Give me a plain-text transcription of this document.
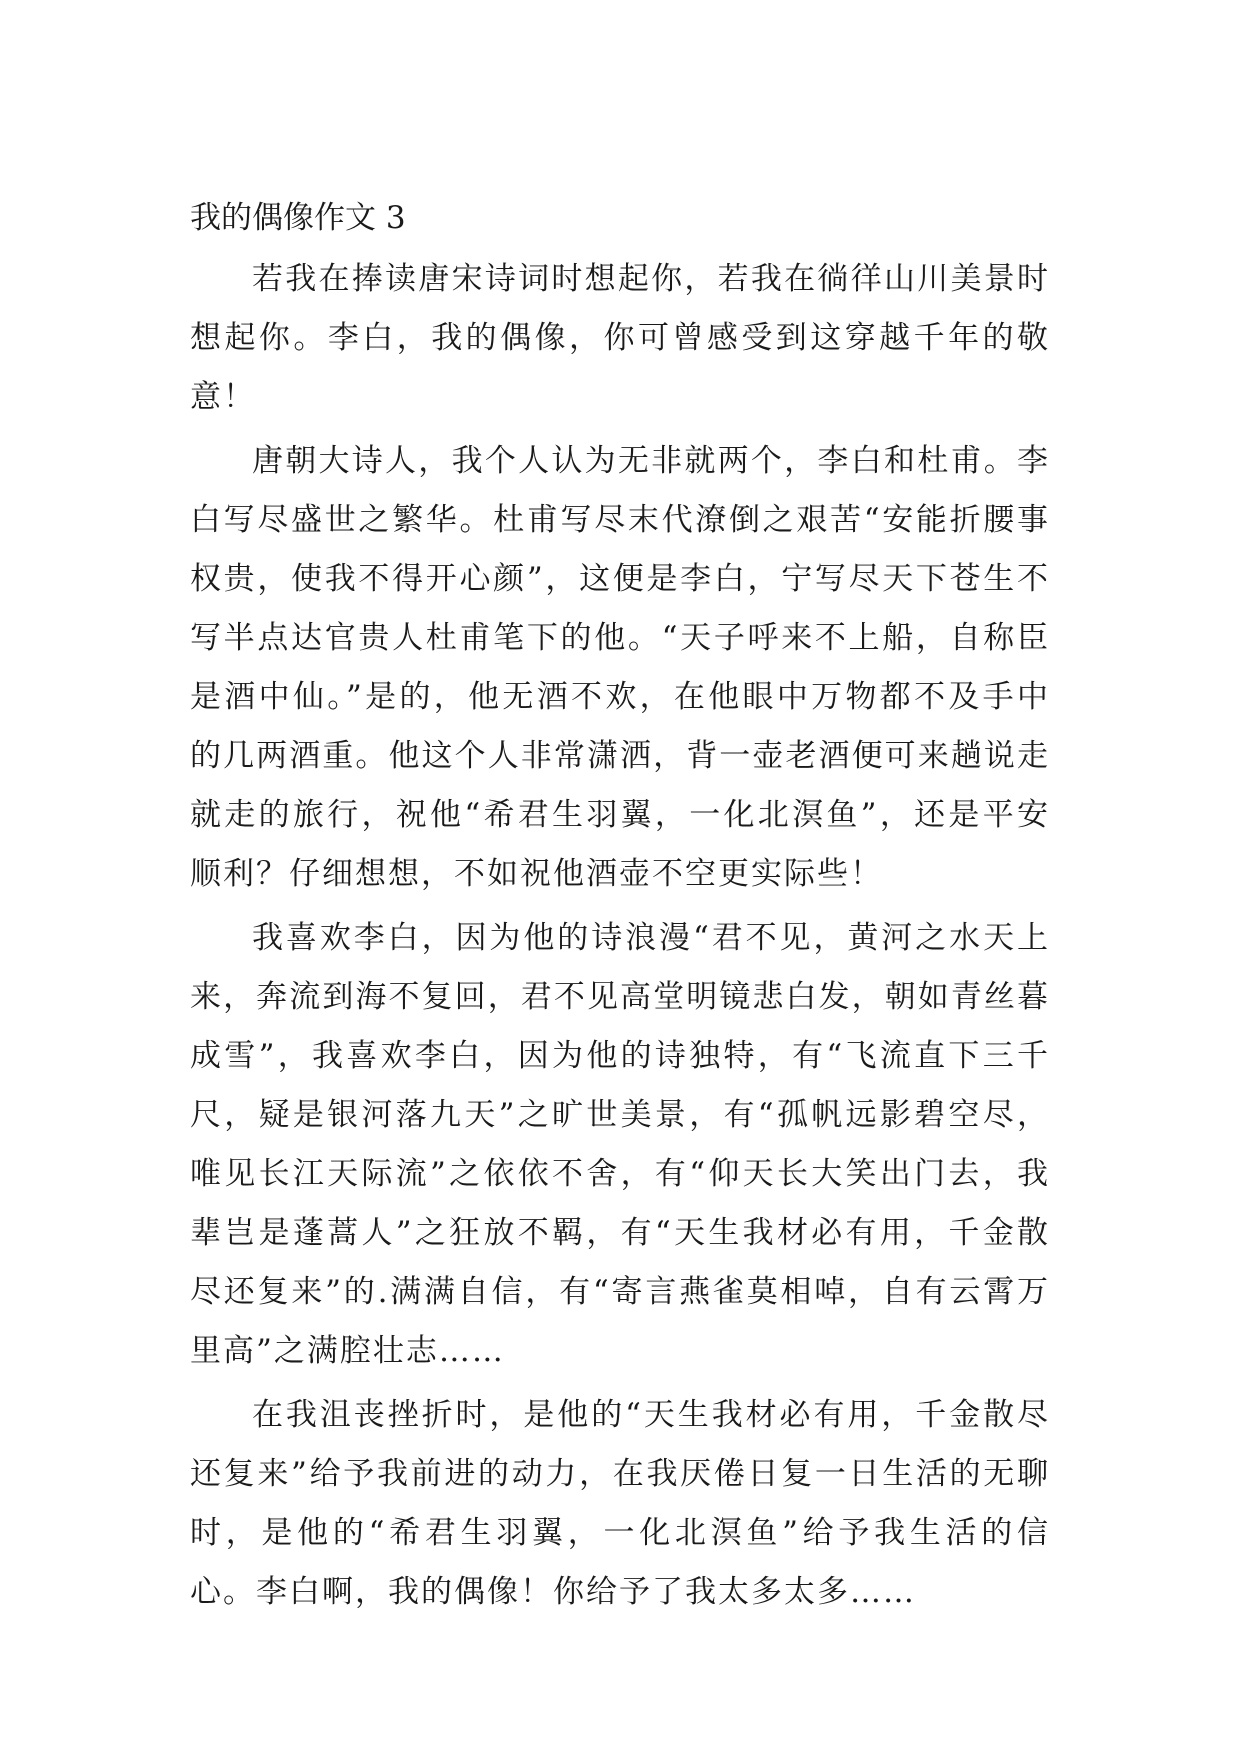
我的偶像作文 3

若我在捧读唐宋诗词时想起你，若我在徜徉山川美景时想起你。李白，我的偶像，你可曾感受到这穿越千年的敬意！

唐朝大诗人，我个人认为无非就两个，李白和杜甫。李白写尽盛世之繁华。杜甫写尽末代潦倒之艰苦“安能折腰事权贵，使我不得开心颜”，这便是李白，宁写尽天下苍生不写半点达官贵人杜甫笔下的他。“天子呼来不上船，自称臣是酒中仙。”是的，他无酒不欢，在他眼中万物都不及手中的几两酒重。他这个人非常潇洒，背一壶老酒便可来趟说走就走的旅行，祝他“希君生羽翼，一化北溟鱼”，还是平安顺利？仔细想想，不如祝他酒壶不空更实际些！

我喜欢李白，因为他的诗浪漫“君不见，黄河之水天上来，奔流到海不复回，君不见高堂明镜悲白发，朝如青丝暮成雪”，我喜欢李白，因为他的诗独特，有“飞流直下三千尺，疑是银河落九天”之旷世美景，有“孤帆远影碧空尽，唯见长江天际流”之依依不舍，有“仰天长大笑出门去，我辈岂是蓬蒿人”之狂放不羁，有“天生我材必有用，千金散尽还复来”的.满满自信，有“寄言燕雀莫相啅，自有云霄万里高”之满腔壮志……

在我沮丧挫折时，是他的“天生我材必有用，千金散尽还复来”给予我前进的动力，在我厌倦日复一日生活的无聊时，是他的“希君生羽翼，一化北溟鱼”给予我生活的信心。李白啊，我的偶像！你给予了我太多太多……
